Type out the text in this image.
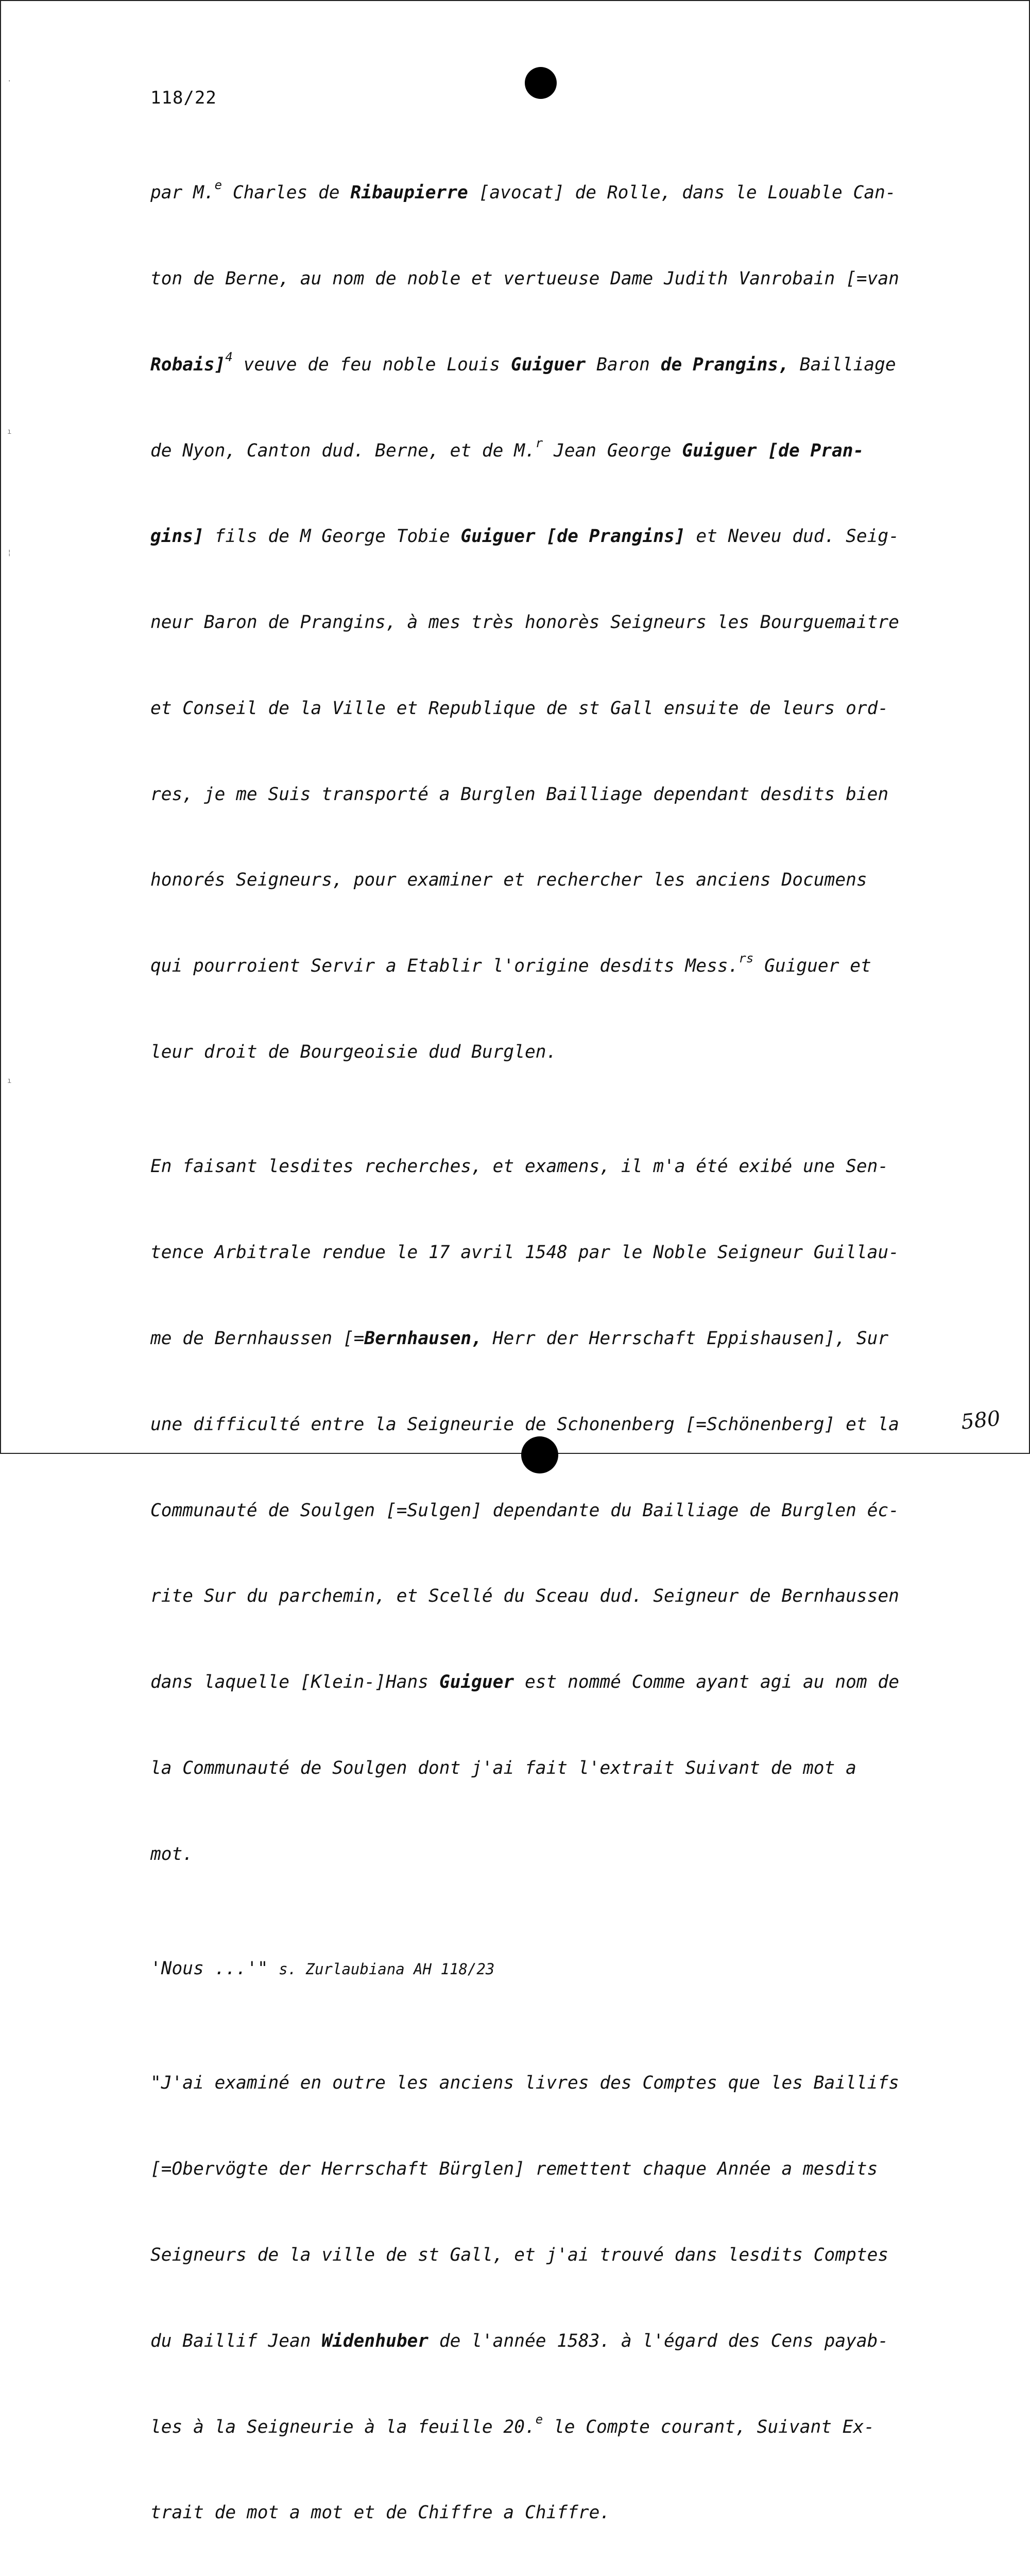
·
ı
¦
ı
118/22

par M.$^e$ Charles de Ribaupierre [avocat] de Rolle, dans le Louable Can-

ton de Berne, au nom de noble et vertueuse Dame Judith Vanrobain [=van

Robais]$^4$ veuve de feu noble Louis Guiguer Baron de Prangins, Bailliage

de Nyon, Canton dud. Berne, et de M.$^r$ Jean George Guiguer [de Pran-

gins] fils de M George Tobie Guiguer [de Prangins] et Neveu dud. Seig-

neur Baron de Prangins, à mes très honorès Seigneurs les Bourguemaitre

et Conseil de la Ville et Republique de st Gall ensuite de leurs ord-

res, je me Suis transporté a Burglen Bailliage dependant desdits bien

honorés Seigneurs, pour examiner et rechercher les anciens Documens

qui pourroient Servir a Etablir l'origine desdits Mess.$^{rs}$ Guiguer et

leur droit de Bourgeoisie dud Burglen.

En faisant lesdites recherches, et examens, il m'a été exibé une Sen-

tence Arbitrale rendue le 17 avril 1548 par le Noble Seigneur Guillau-

me de Bernhaussen [=Bernhausen, Herr der Herrschaft Eppishausen], Sur

une difficulté entre la Seigneurie de Schonenberg [=Schönenberg] et la

Communauté de Soulgen [=Sulgen] dependante du Bailliage de Burglen éc-

rite Sur du parchemin, et Scellé du Sceau dud. Seigneur de Bernhaussen

dans laquelle [Klein-]Hans Guiguer est nommé Comme ayant agi au nom de

la Communauté de Soulgen dont j'ai fait l'extrait Suivant de mot a

mot.

'Nous ...'" s. Zurlaubiana AH 118/23

"J'ai examiné en outre les anciens livres des Comptes que les Baillifs

[=Obervögte der Herrschaft Bürglen] remettent chaque Année a mesdits

Seigneurs de la ville de st Gall, et j'ai trouvé dans lesdits Comptes

du Baillif Jean Widenhuber de l'année 1583. à l'égard des Cens payab-

les à la Seigneurie à la feuille 20.$^e$ le Compte courant, Suivant Ex-

trait de mot a mot et de Chiffre a Chiffre.

580
